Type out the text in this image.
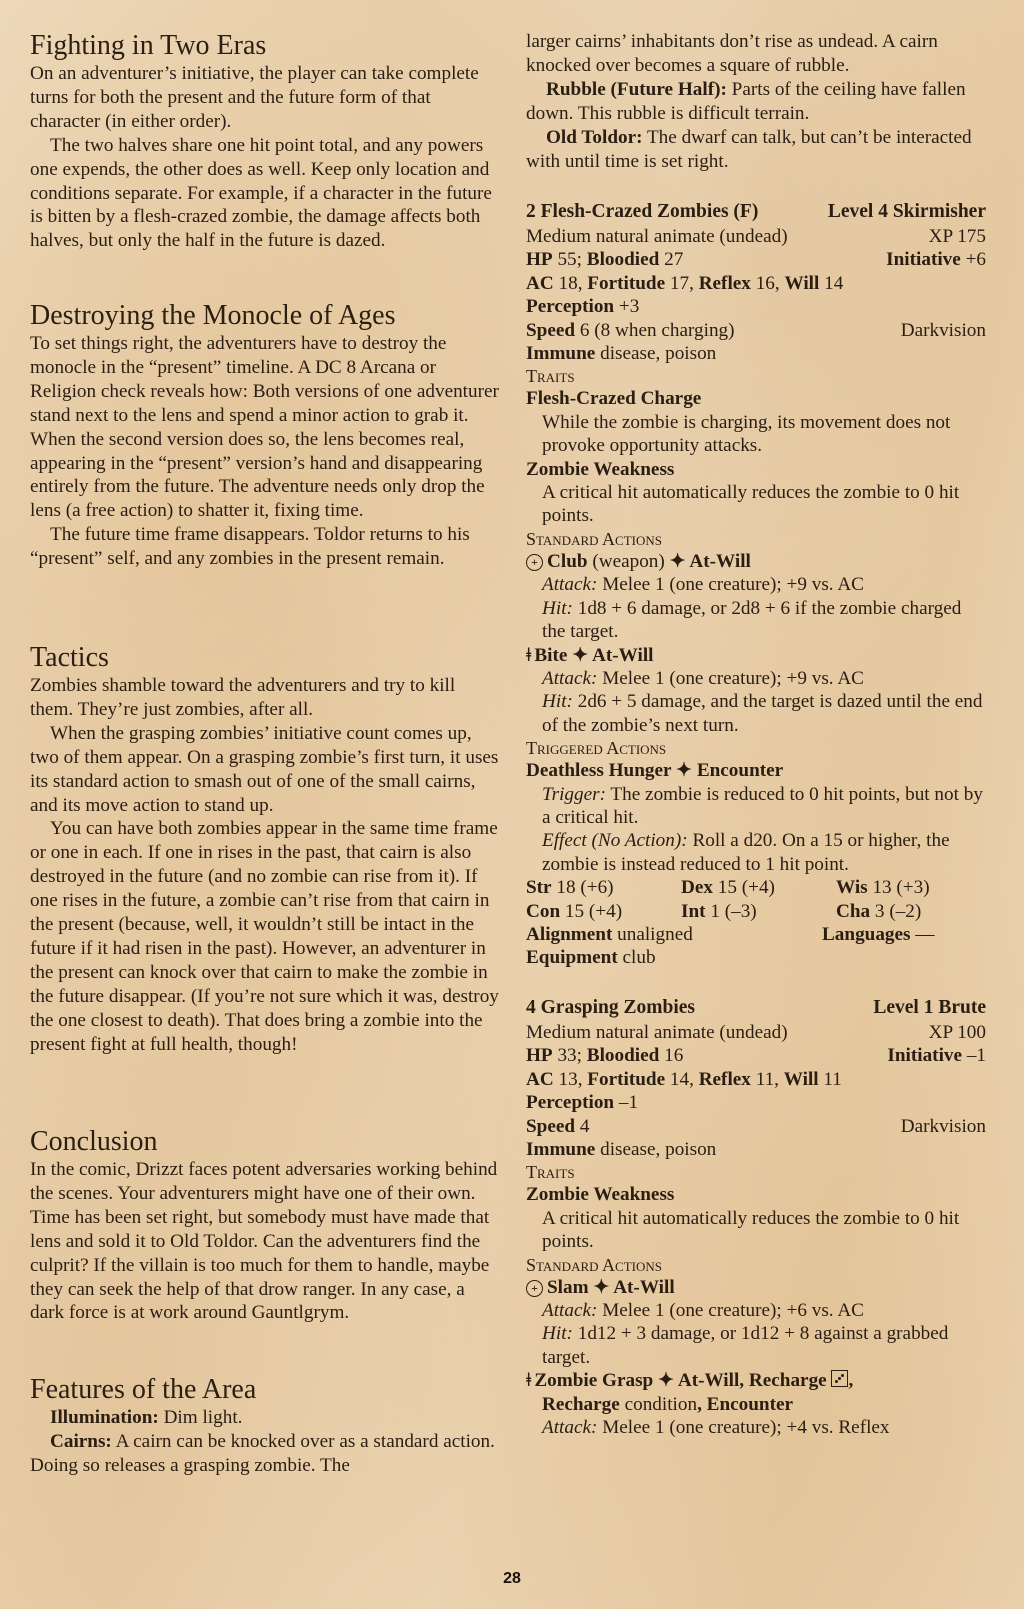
Fighting in Two Eras

On an adventurer’s initiative, the player can take complete turns for both the present and the future form of that character (in either order).

The two halves share one hit point total, and any powers one expends, the other does as well. Keep only location and conditions separate. For example, if a character in the future is bitten by a flesh-crazed zombie, the damage affects both halves, but only the half in the future is dazed.

Destroying the Monocle of Ages

To set things right, the adventurers have to destroy the monocle in the “present” timeline. A DC 8 Arcana or Religion check reveals how: Both versions of one adventurer stand next to the lens and spend a minor action to grab it. When the second version does so, the lens becomes real, appearing in the “present” version’s hand and disappearing entirely from the future. The adventure needs only drop the lens (a free action) to shatter it, fixing time.

The future time frame disappears. Toldor returns to his “present” self, and any zombies in the present remain.

Tactics

Zombies shamble toward the adventurers and try to kill them. They’re just zombies, after all.

When the grasping zombies’ initiative count comes up, two of them appear. On a grasping zombie’s first turn, it uses its standard action to smash out of one of the small cairns, and its move action to stand up.

You can have both zombies appear in the same time frame or one in each. If one in rises in the past, that cairn is also destroyed in the future (and no zombie can rise from it). If one rises in the future, a zombie can’t rise from that cairn in the present (because, well, it wouldn’t still be intact in the future if it had risen in the past). However, an adventurer in the present can knock over that cairn to make the zombie in the future disappear. (If you’re not sure which it was, destroy the one closest to death). That does bring a zombie into the present fight at full health, though!

Conclusion

In the comic, Drizzt faces potent adversaries working behind the scenes. Your adventurers might have one of their own. Time has been set right, but somebody must have made that lens and sold it to Old Toldor. Can the adventurers find the culprit? If the villain is too much for them to handle, maybe they can seek the help of that drow ranger. In any case, a dark force is at work around Gauntlgrym.

Features of the Area

Illumination: Dim light.

Cairns: A cairn can be knocked over as a standard action. Doing so releases a grasping zombie. The

larger cairns’ inhabitants don’t rise as undead. A cairn knocked over becomes a square of rubble.

Rubble (Future Half): Parts of the ceiling have fallen down. This rubble is difficult terrain.

Old Toldor: The dwarf can talk, but can’t be interacted with until time is set right.

2 Flesh-Crazed Zombies (F)	Level 4 Skirmisher
Medium natural animate (undead)	XP 175
HP 55; Bloodied 27	Initiative +6
AC 18, Fortitude 17, Reflex 16, Will 14
Perception +3
Speed 6 (8 when charging)	Darkvision
Immune disease, poison
Traits
Flesh-Crazed Charge
While the zombie is charging, its movement does not provoke opportunity attacks.
Zombie Weakness
A critical hit automatically reduces the zombie to 0 hit points.
Standard Actions
+ Club (weapon) ✦ At-Will
Attack: Melee 1 (one creature); +9 vs. AC
Hit: 1d8 + 6 damage, or 2d8 + 6 if the zombie charged the target.
ǂ Bite ✦ At-Will
Attack: Melee 1 (one creature); +9 vs. AC
Hit: 2d6 + 5 damage, and the target is dazed until the end of the zombie’s next turn.
Triggered Actions
Deathless Hunger ✦ Encounter
Trigger: The zombie is reduced to 0 hit points, but not by a critical hit.
Effect (No Action): Roll a d20. On a 15 or higher, the zombie is instead reduced to 1 hit point.
Str 18 (+6)	Dex 15 (+4)	Wis 13 (+3)
Con 15 (+4)	Int 1 (–3)	Cha 3 (–2)
Alignment unaligned	Languages —
Equipment club
4 Grasping Zombies	Level 1 Brute
Medium natural animate (undead)	XP 100
HP 33; Bloodied 16	Initiative –1
AC 13, Fortitude 14, Reflex 11, Will 11
Perception –1
Speed 4	Darkvision
Immune disease, poison
Traits
Zombie Weakness
A critical hit automatically reduces the zombie to 0 hit points.
Standard Actions
+ Slam ✦ At-Will
Attack: Melee 1 (one creature); +6 vs. AC
Hit: 1d12 + 3 damage, or 1d12 + 8 against a grabbed target.
ǂ Zombie Grasp ✦ At-Will, Recharge
,
Recharge condition, Encounter
Attack: Melee 1 (one creature); +4 vs. Reflex
28
